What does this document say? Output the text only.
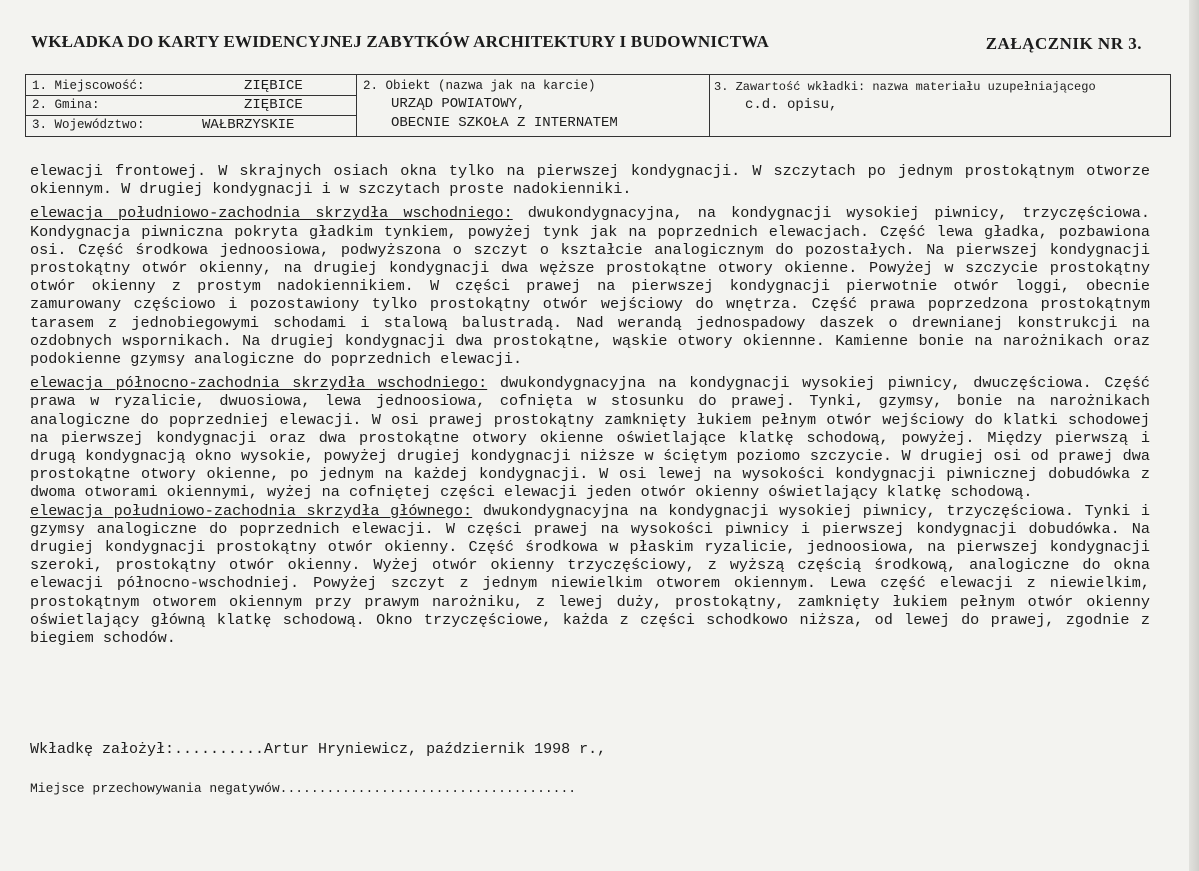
WKŁADKA DO KARTY EWIDENCYJNEJ ZABYTKÓW ARCHITEKTURY I BUDOWNICTWA	ZAŁĄCZNIK NR 3.
1. Miejscowość:	ZIĘBICE
2. Gmina:	ZIĘBICE
3. Województwo:	WAŁBRZYSKIE
2. Obiekt (nazwa jak na karcie)
URZĄD POWIATOWY,
OBECNIE SZKOŁA Z INTERNATEM
3. Zawartość wkładki: nazwa materiału uzupełniającego
c.d. opisu,

elewacji frontowej. W skrajnych osiach okna tylko na pierwszej kondygnacji. W szczytach po jednym prostokątnym otworze okiennym. W drugiej kondygnacji i w szczytach proste nadokienniki.

elewacja południowo-zachodnia skrzydła wschodniego: dwukondygnacyjna, na kondygnacji wysokiej piwnicy, trzyczęściowa. Kondygnacja piwniczna pokryta gładkim tynkiem, powyżej tynk jak na poprzednich elewacjach. Część lewa gładka, pozbawiona osi. Część środkowa jednoosiowa, podwyższona o szczyt o kształcie analogicznym do pozostałych. Na pierwszej kondygnacji prostokątny otwór okienny, na drugiej kondygnacji dwa węższe prostokątne otwory okienne. Powyżej w szczycie prostokątny otwór okienny z prostym nadokiennikiem. W części prawej na pierwszej kondygnacji pierwotnie otwór loggi, obecnie zamurowany częściowo i pozostawiony tylko prostokątny otwór wejściowy do wnętrza. Część prawa poprzedzona prostokątnym tarasem z jednobiegowymi schodami i stalową balustradą. Nad werandą jednospadowy daszek o drewnianej konstrukcji na ozdobnych wspornikach. Na drugiej kondygnacji dwa prostokątne, wąskie otwory okiennne. Kamienne bonie na narożnikach oraz podokienne gzymsy analogiczne do poprzednich elewacji.

elewacja północno-zachodnia skrzydła wschodniego: dwukondygnacyjna na kondygnacji wysokiej piwnicy, dwuczęściowa. Część prawa w ryzalicie, dwuosiowa, lewa jednoosiowa, cofnięta w stosunku do prawej. Tynki, gzymsy, bonie na narożnikach analogiczne do poprzedniej elewacji. W osi prawej prostokątny zamknięty łukiem pełnym otwór wejściowy do klatki schodowej na pierwszej kondygnacji oraz dwa prostokątne otwory okienne oświetlające klatkę schodową, powyżej. Między pierwszą i drugą kondygnacją okno wysokie, powyżej drugiej kondygnacji niższe w ściętym poziomo szczycie. W drugiej osi od prawej dwa prostokątne otwory okienne, po jednym na każdej kondygnacji. W osi lewej na wysokości kondygnacji piwnicznej dobudówka z dwoma otworami okiennymi, wyżej na cofniętej części elewacji jeden otwór okienny oświetlający klatkę schodową.

elewacja południowo-zachodnia skrzydła głównego: dwukondygnacyjna na kondygnacji wysokiej piwnicy, trzyczęściowa. Tynki i gzymsy analogiczne do poprzednich elewacji. W części prawej na wysokości piwnicy i pierwszej kondygnacji dobudówka. Na drugiej kondygnacji prostokątny otwór okienny. Część środkowa w płaskim ryzalicie, jednoosiowa, na pierwszej kondygnacji szeroki, prostokątny otwór okienny. Wyżej otwór okienny trzyczęściowy, z wyższą częścią środkową, analogiczne do okna elewacji północno-wschodniej. Powyżej szczyt z jednym niewielkim otworem okiennym. Lewa część elewacji z niewielkim, prostokątnym otworem okiennym przy prawym narożniku, z lewej duży, prostokątny, zamknięty łukiem pełnym otwór okienny oświetlający główną klatkę schodową. Okno trzyczęściowe, każda z części schodkowo niższa, od lewej do prawej, zgodnie z biegiem schodów.

Wkładkę założył:..........Artur Hryniewicz, październik 1998 r.,
Miejsce przechowywania negatywów......................................
